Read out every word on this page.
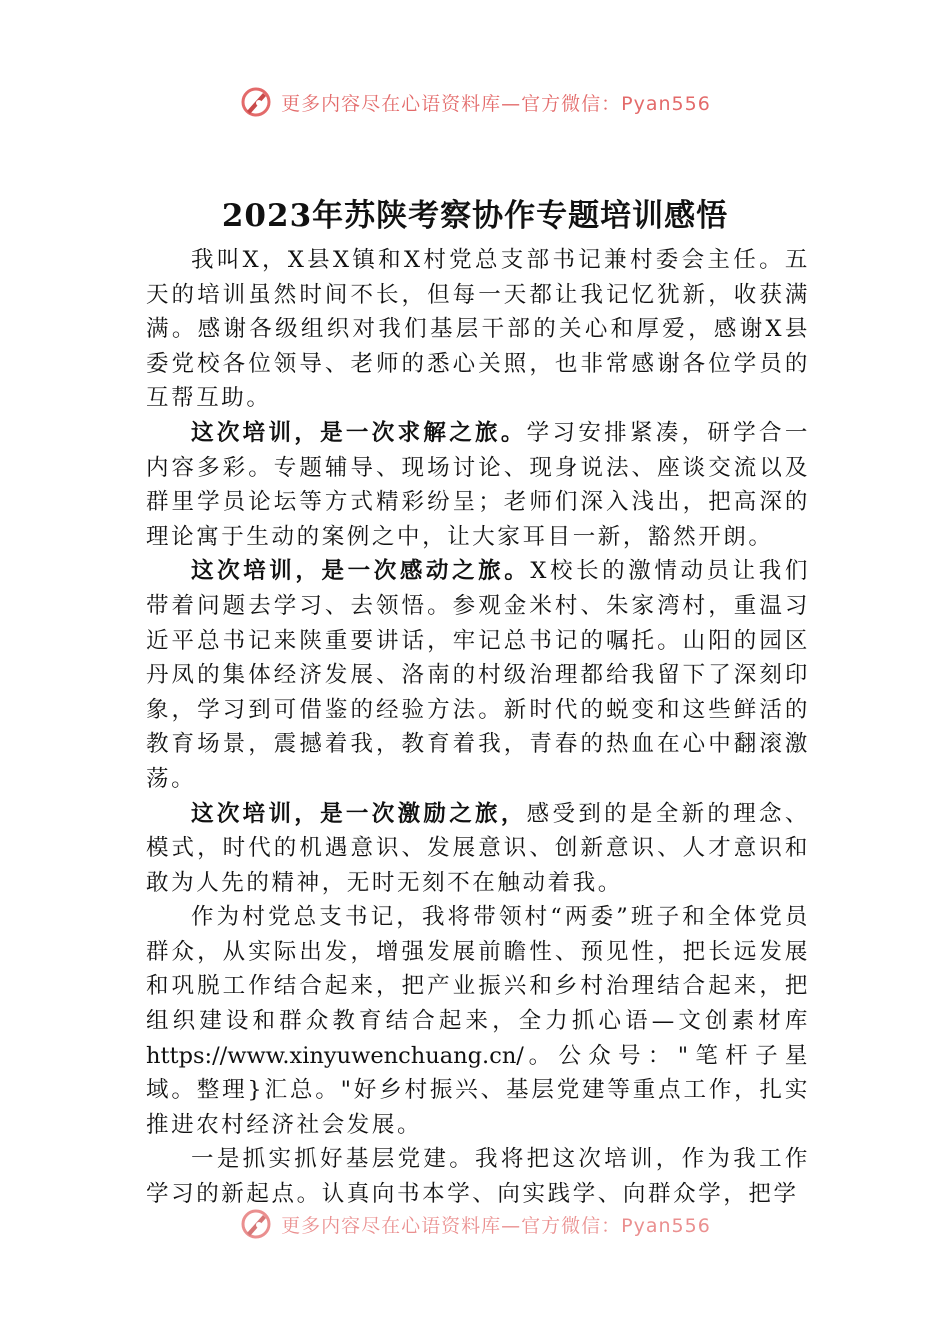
更多内容尽在心语资料库—官方微信：Pyan556
2023年苏陕考察协作专题培训感悟

我叫X，X县X镇和X村党总支部书记兼村委会主任。五天的培训虽然时间不长，但每一天都让我记忆犹新，收获满满。感谢各级组织对我们基层干部的关心和厚爱，感谢X县委党校各位领导、老师的悉心关照，也非常感谢各位学员的互帮互助。

这次培训，是一次求解之旅。学习安排紧凑，研学合一内容多彩。专题辅导、现场讨论、现身说法、座谈交流以及群里学员论坛等方式精彩纷呈；老师们深入浅出，把高深的理论寓于生动的案例之中，让大家耳目一新，豁然开朗。

这次培训，是一次感动之旅。X校长的激情动员让我们带着问题去学习、去领悟。参观金米村、朱家湾村，重温习近平总书记来陕重要讲话，牢记总书记的嘱托。山阳的园区丹凤的集体经济发展、洛南的村级治理都给我留下了深刻印象，学习到可借鉴的经验方法。新时代的蜕变和这些鲜活的教育场景，震撼着我，教育着我，青春的热血在心中翻滚激荡。

这次培训，是一次激励之旅，感受到的是全新的理念、模式，时代的机遇意识、发展意识、创新意识、人才意识和敢为人先的精神，无时无刻不在触动着我。

作为村党总支书记，我将带领村“两委”班子和全体党员群众，从实际出发，增强发展前瞻性、预见性，把长远发展和巩脱工作结合起来，把产业振兴和乡村治理结合起来，把组织建设和群众教育结合起来，全力抓心语—文创素材库https://www.xinyuwenchuang.cn/。公众号："笔杆子星域。整理}汇总。"好乡村振兴、基层党建等重点工作，扎实推进农村经济社会发展。

一是抓实抓好基层党建。我将把这次培训，作为我工作学习的新起点。认真向书本学、向实践学、向群众学，把学

更多内容尽在心语资料库—官方微信：Pyan556
